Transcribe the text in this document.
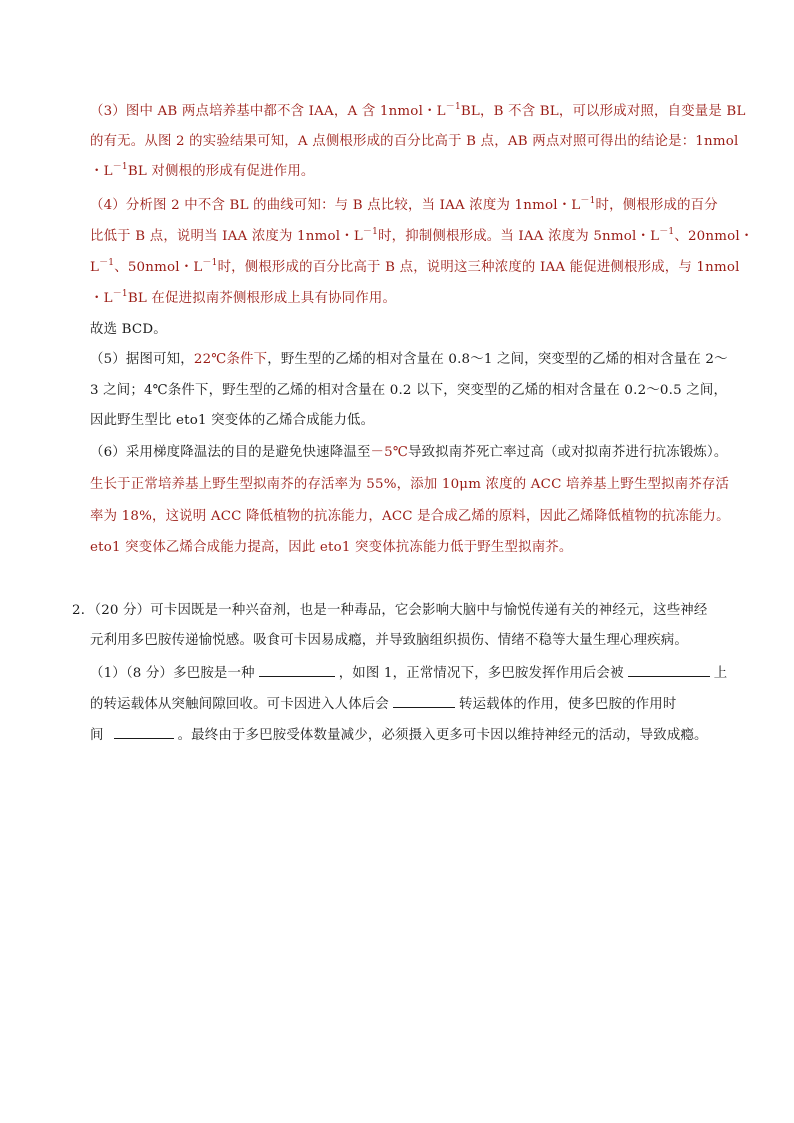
（3）图中 AB 两点培养基中都不含 IAA，A 含 1nmol・$L^{-1}BL$，B 不含 BL，可以形成对照，自变量是 BL
的有无。从图 2 的实验结果可知，A 点侧根形成的百分比高于 B 点，AB 两点对照可得出的结论是：1nmol
・$L^{-1}BL$ 对侧根的形成有促进作用。
（4）分析图 2 中不含 BL 的曲线可知：与 B 点比较，当 IAA 浓度为 1nmol・$L^{-1}$时，侧根形成的百分
比低于 B 点，说明当 IAA 浓度为 1nmol・$L^{-1}$时，抑制侧根形成。当 IAA 浓度为 5nmol・$L^{-1}$、20nmol・
$L^{-1}$、50nmol・$L^{-1}$时，侧根形成的百分比高于 B 点，说明这三种浓度的 IAA 能促进侧根形成，与 1nmol
・$L^{-1}BL$ 在促进拟南芥侧根形成上具有协同作用。
故选 BCD。
（5）据图可知，22℃条件下，野生型的乙烯的相对含量在 0.8～1 之间，突变型的乙烯的相对含量在 2～
3 之间；4℃条件下，野生型的乙烯的相对含量在 0.2 以下，突变型的乙烯的相对含量在 0.2～0.5 之间，
因此野生型比 eto1 突变体的乙烯合成能力低。
（6）采用梯度降温法的目的是避免快速降温至－5℃导致拟南芥死亡率过高（或对拟南芥进行抗冻锻炼）。
生长于正常培养基上野生型拟南芥的存活率为 55%，添加 10μm 浓度的 ACC 培养基上野生型拟南芥存活
率为 18%，这说明 ACC 降低植物的抗冻能力，ACC 是合成乙烯的原料，因此乙烯降低植物的抗冻能力。
eto1 突变体乙烯合成能力提高，因此 eto1 突变体抗冻能力低于野生型拟南芥。
2．（20 分）可卡因既是一种兴奋剂，也是一种毒品，它会影响大脑中与愉悦传递有关的神经元，这些神经
元利用多巴胺传递愉悦感。吸食可卡因易成瘾，并导致脑组织损伤、情绪不稳等大量生理心理疾病。
（1）（8 分）多巴胺是一种	，如图 1，正常情况下，多巴胺发挥作用后会被	上
的转运载体从突触间隙回收。可卡因进入人体后会	转运载体的作用，使多巴胺的作用时
间	。最终由于多巴胺受体数量减少，必须摄入更多可卡因以维持神经元的活动，导致成瘾。
